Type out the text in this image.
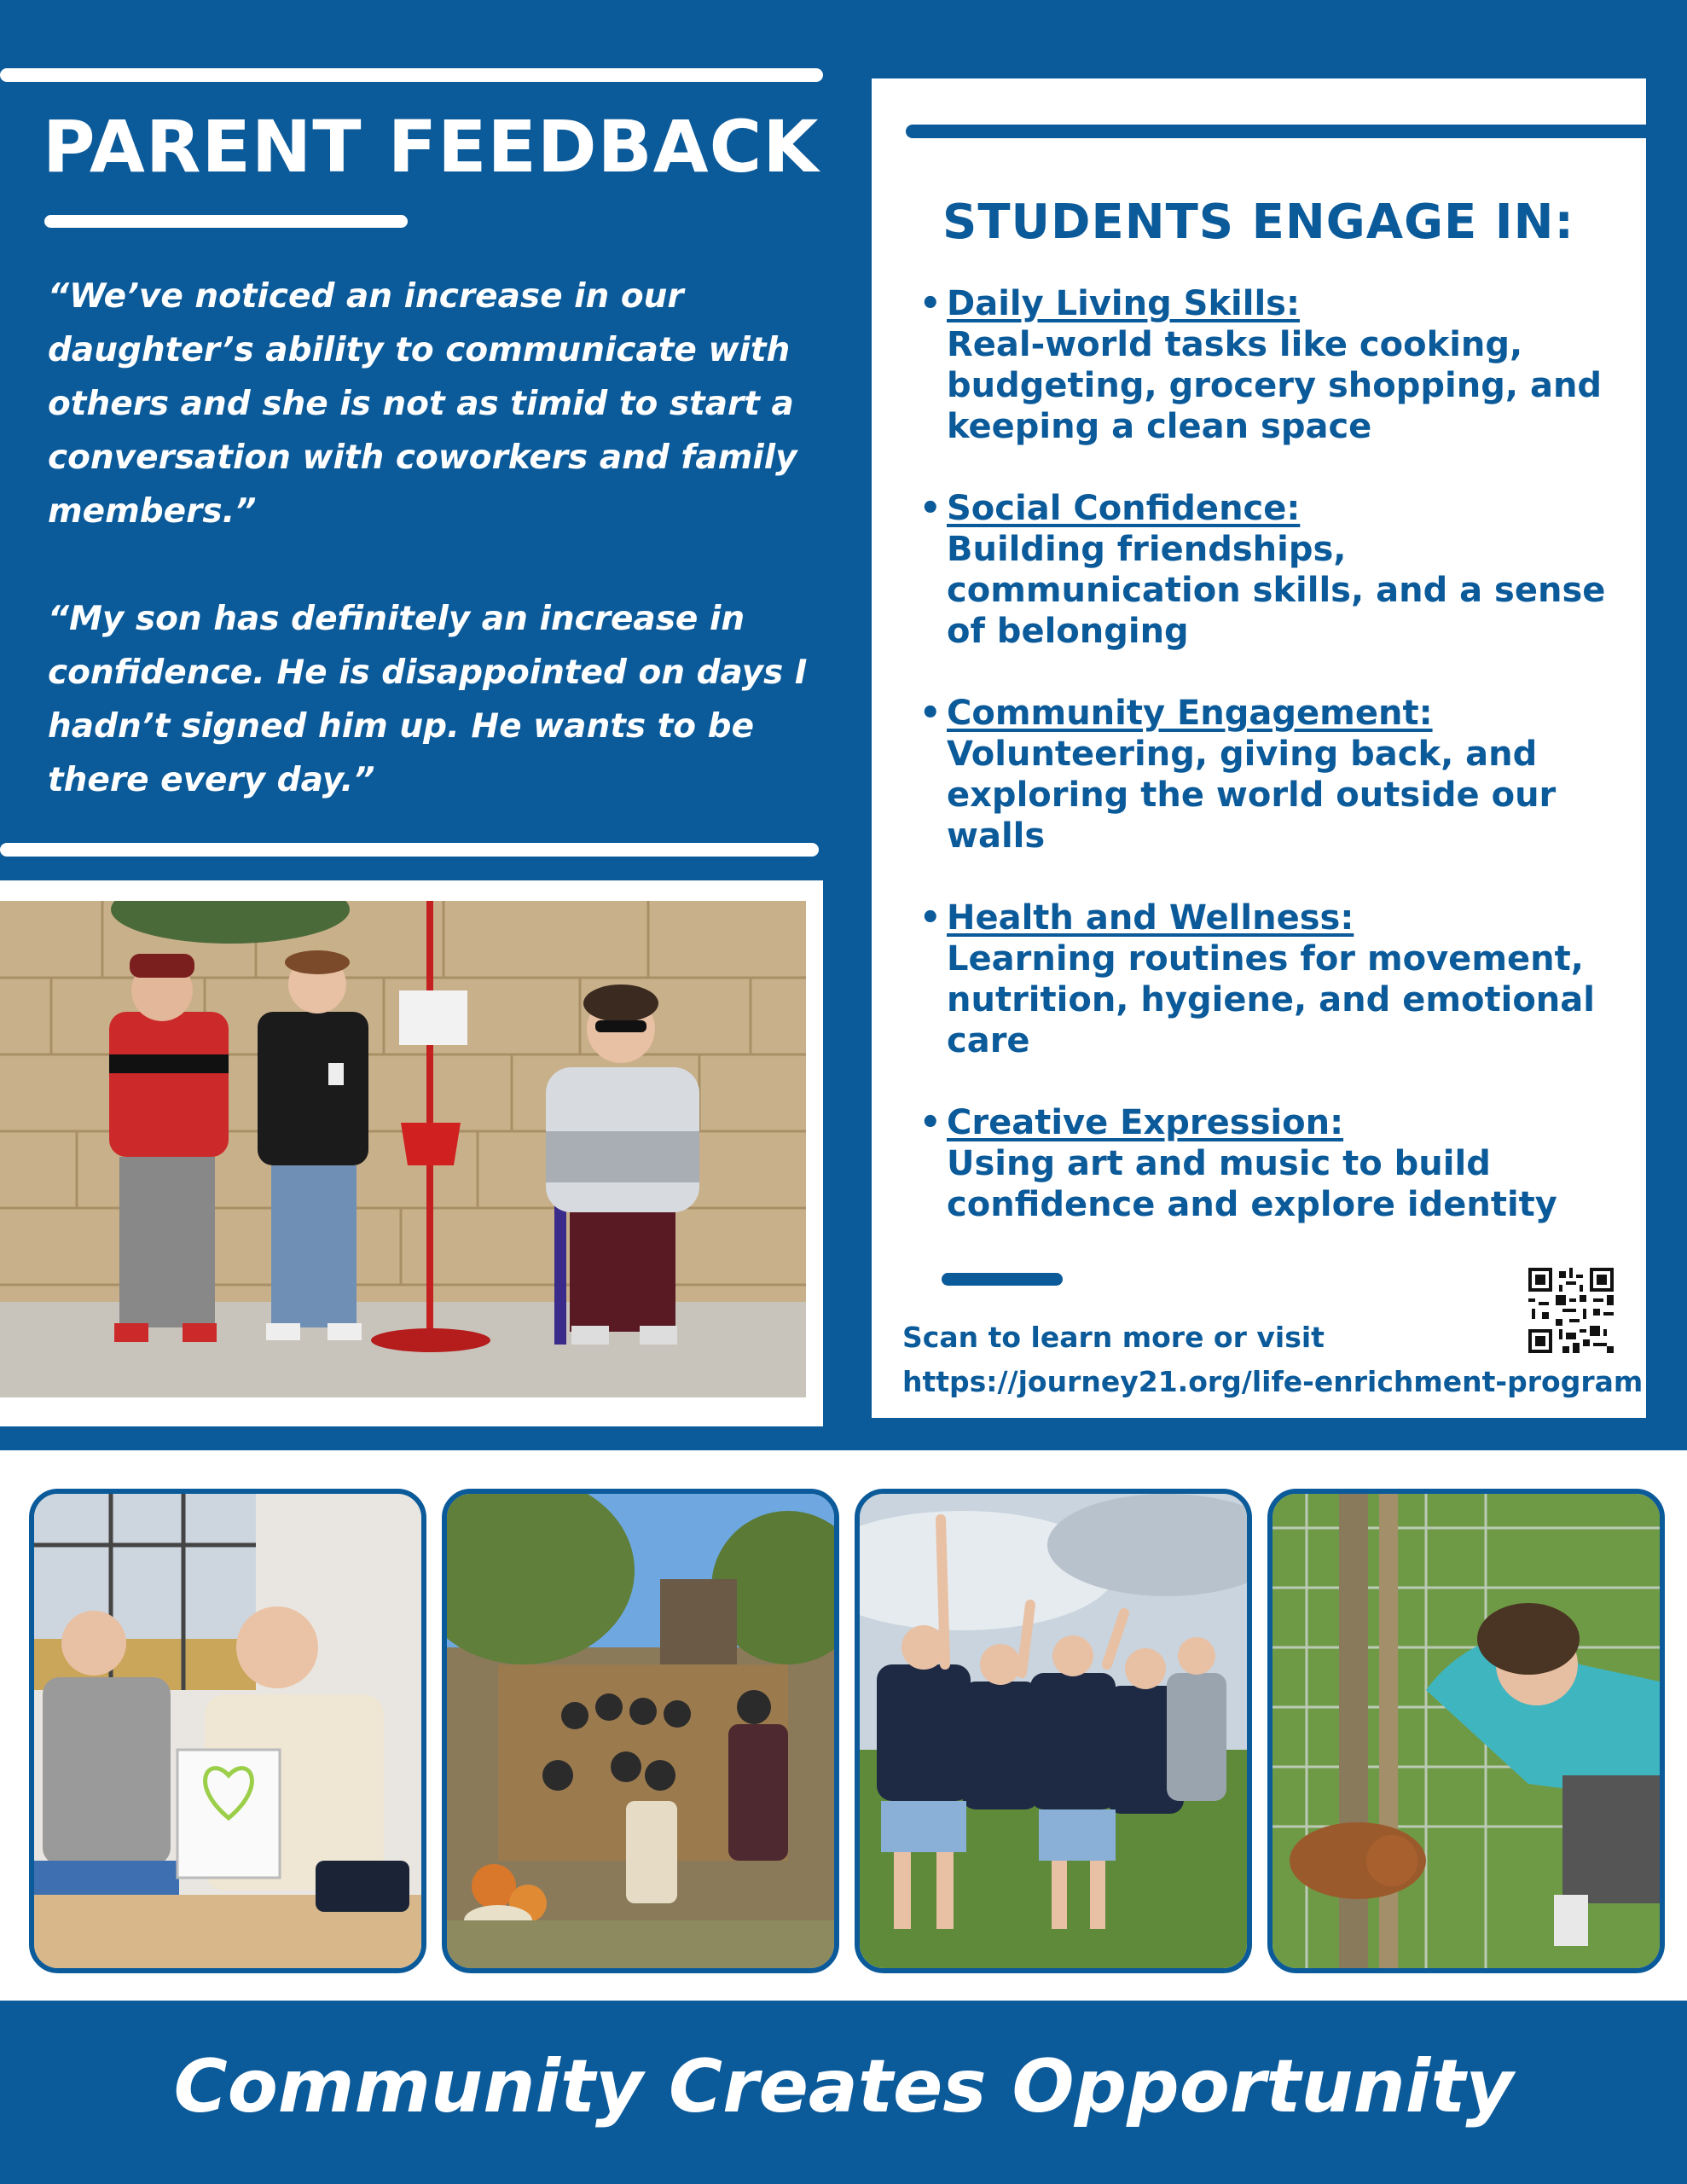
PARENT FEEDBACK
“We’ve noticed an increase in our daughter’s ability to communicate with others and she is not as timid to start a conversation with coworkers and family members.”
“My son has definitely an increase in confidence. He is disappointed on days I hadn’t signed him up. He wants to be there every day.”
STUDENTS ENGAGE IN:
• Daily Living Skills:
Real-world tasks like cooking, budgeting, grocery shopping, and keeping a clean space
• Social Confidence:
Building friendships, communication skills, and a sense of belonging
• Community Engagement:
Volunteering, giving back, and exploring the world outside our walls
• Health and Wellness:
Learning routines for movement, nutrition, hygiene, and emotional care
• Creative Expression:
Using art and music to build confidence and explore identity
Scan to learn more or visit
https://journey21.org/life-enrichment-program
Community Creates Opportunity
